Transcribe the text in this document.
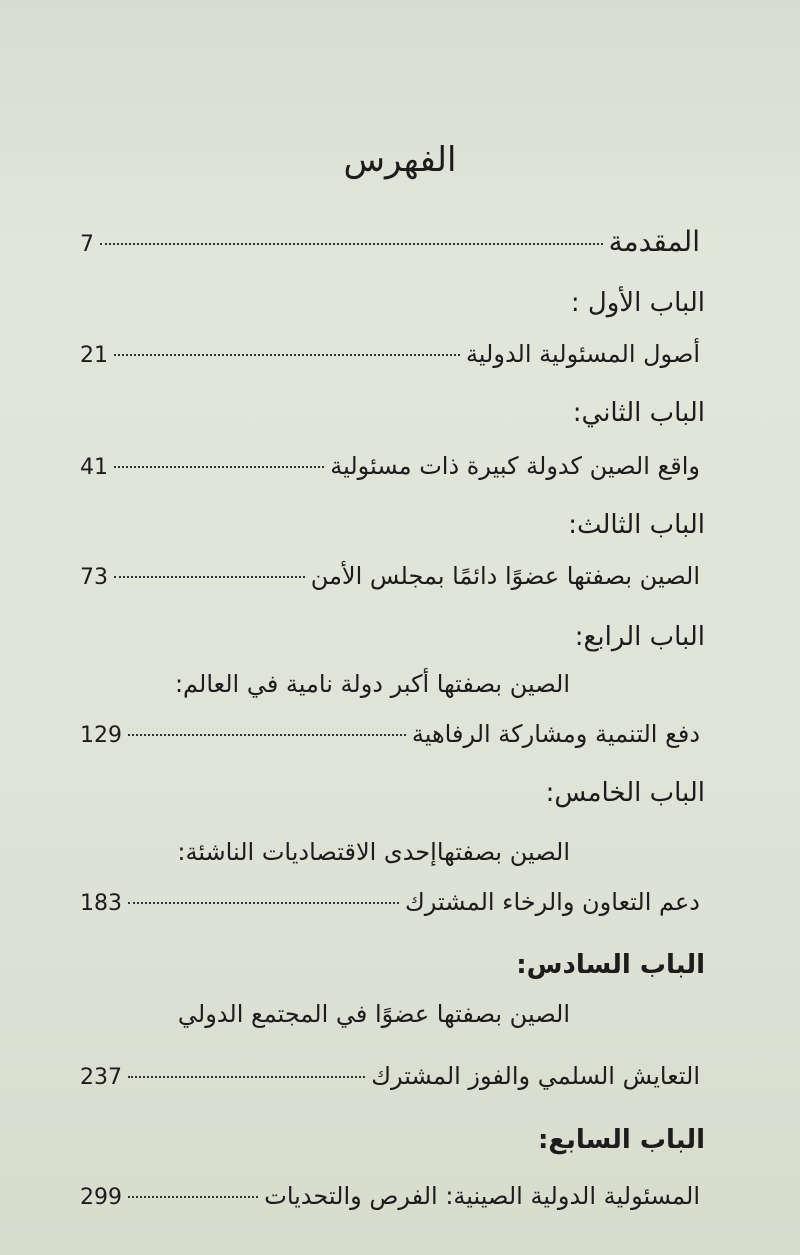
الفهرس
المقدمة
7
الباب الأول :
أصول المسئولية الدولية
21
الباب الثاني:
واقع الصين كدولة كبيرة ذات مسئولية
41
الباب الثالث:
الصين بصفتها عضوًا دائمًا بمجلس الأمن
73
الباب الرابع:
الصين بصفتها أكبر دولة نامية في العالم:
دفع التنمية ومشاركة الرفاهية
129
الباب الخامس:
الصين بصفتهاإحدى الاقتصاديات الناشئة:
دعم التعاون والرخاء المشترك
183
الباب السادس:
الصين بصفتها عضوًا في المجتمع الدولي
التعايش السلمي والفوز المشترك
237
الباب السابع:
المسئولية الدولية الصينية: الفرص والتحديات
299
